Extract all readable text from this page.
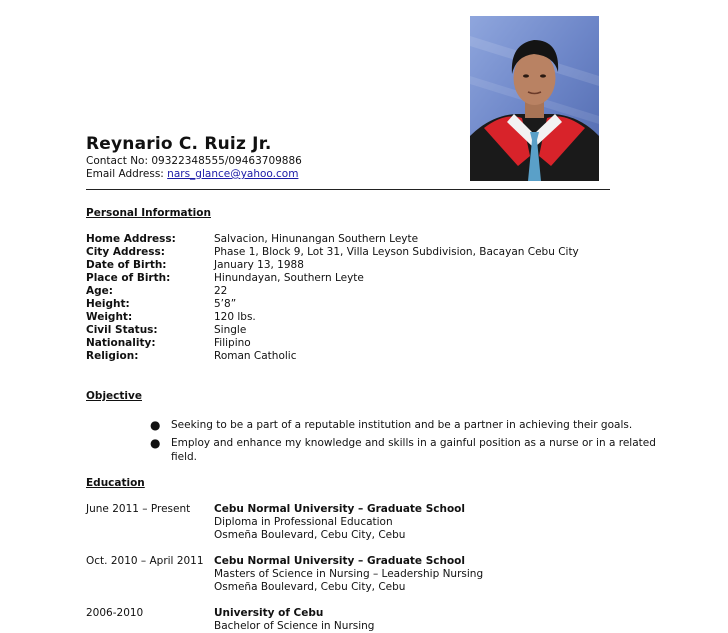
Reynario C. Ruiz Jr.
Contact No: 09322348555/09463709886
Email Address: nars_glance@yahoo.com
Personal Information
Home Address:	Salvacion, Hinunangan Southern Leyte
City Address:	Phase 1, Block 9, Lot 31, Villa Leyson Subdivision, Bacayan Cebu City
Date of Birth:	January 13, 1988
Place of Birth:	Hinundayan, Southern Leyte
Age:	22
Height:	5’8”
Weight:	120 lbs.
Civil Status:	Single
Nationality:	Filipino
Religion:	Roman Catholic
Objective
● Seeking to be a part of a reputable institution and be a partner in achieving their goals.
● Employ and enhance my knowledge and skills in a gainful position as a nurse or in a related field.
Education
June 2011 – Present Cebu Normal University – Graduate School
Diploma in Professional Education
Osmeña Boulevard, Cebu City, Cebu
Oct. 2010 – April 2011 Cebu Normal University – Graduate School
Masters of Science in Nursing – Leadership Nursing
Osmeña Boulevard, Cebu City, Cebu
2006-2010	University of Cebu
Bachelor of Science in Nursing
